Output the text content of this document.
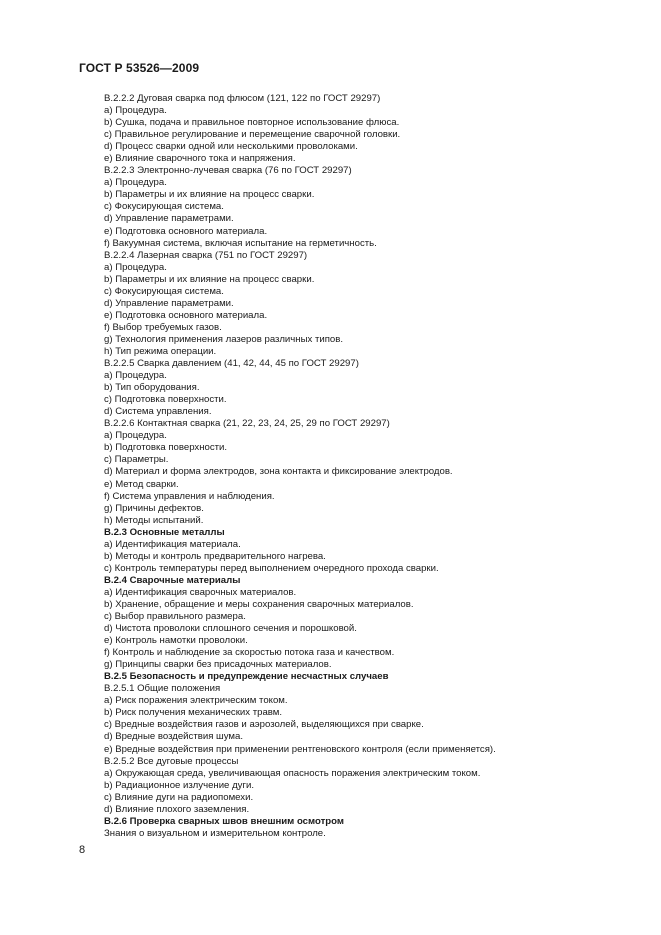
ГОСТ Р 53526—2009
B.2.2.2 Дуговая сварка под флюсом (121, 122 по ГОСТ 29297)
a) Процедура.
b) Сушка, подача и правильное повторное использование флюса.
c) Правильное регулирование и перемещение сварочной головки.
d) Процесс сварки одной или несколькими проволоками.
e) Влияние сварочного тока и напряжения.
B.2.2.3 Электронно-лучевая сварка (76 по ГОСТ 29297)
a) Процедура.
b) Параметры и их влияние на процесс сварки.
c) Фокусирующая система.
d) Управление параметрами.
e) Подготовка основного материала.
f) Вакуумная система, включая испытание на герметичность.
B.2.2.4 Лазерная сварка (751 по ГОСТ 29297)
a) Процедура.
b) Параметры и их влияние на процесс сварки.
c) Фокусирующая система.
d) Управление параметрами.
e) Подготовка основного материала.
f) Выбор требуемых газов.
g) Технология применения лазеров различных типов.
h) Тип режима операции.
B.2.2.5 Сварка давлением (41, 42, 44, 45 по ГОСТ 29297)
a) Процедура.
b) Тип оборудования.
c) Подготовка поверхности.
d) Система управления.
B.2.2.6 Контактная сварка (21, 22, 23, 24, 25, 29 по ГОСТ 29297)
a) Процедура.
b) Подготовка поверхности.
c) Параметры.
d) Материал и форма электродов, зона контакта и фиксирование электродов.
e) Метод сварки.
f) Система управления и наблюдения.
g) Причины дефектов.
h) Методы испытаний.
B.2.3 Основные металлы
a) Идентификация материала.
b) Методы и контроль предварительного нагрева.
c) Контроль температуры перед выполнением очередного прохода сварки.
B.2.4 Сварочные материалы
a) Идентификация сварочных материалов.
b) Хранение, обращение и меры сохранения сварочных материалов.
c) Выбор правильного размера.
d) Чистота проволоки сплошного сечения и порошковой.
e) Контроль намотки проволоки.
f) Контроль и наблюдение за скоростью потока газа и качеством.
g) Принципы сварки без присадочных материалов.
B.2.5 Безопасность и предупреждение несчастных случаев
B.2.5.1 Общие положения
a) Риск поражения электрическим током.
b) Риск получения механических травм.
c) Вредные воздействия газов и аэрозолей, выделяющихся при сварке.
d) Вредные воздействия шума.
e) Вредные воздействия при применении рентгеновского контроля (если применяется).
B.2.5.2 Все дуговые процессы
a) Окружающая среда, увеличивающая опасность поражения электрическим током.
b) Радиационное излучение дуги.
c) Влияние дуги на радиопомехи.
d) Влияние плохого заземления.
B.2.6 Проверка сварных швов внешним осмотром
Знания о визуальном и измерительном контроле.
8
